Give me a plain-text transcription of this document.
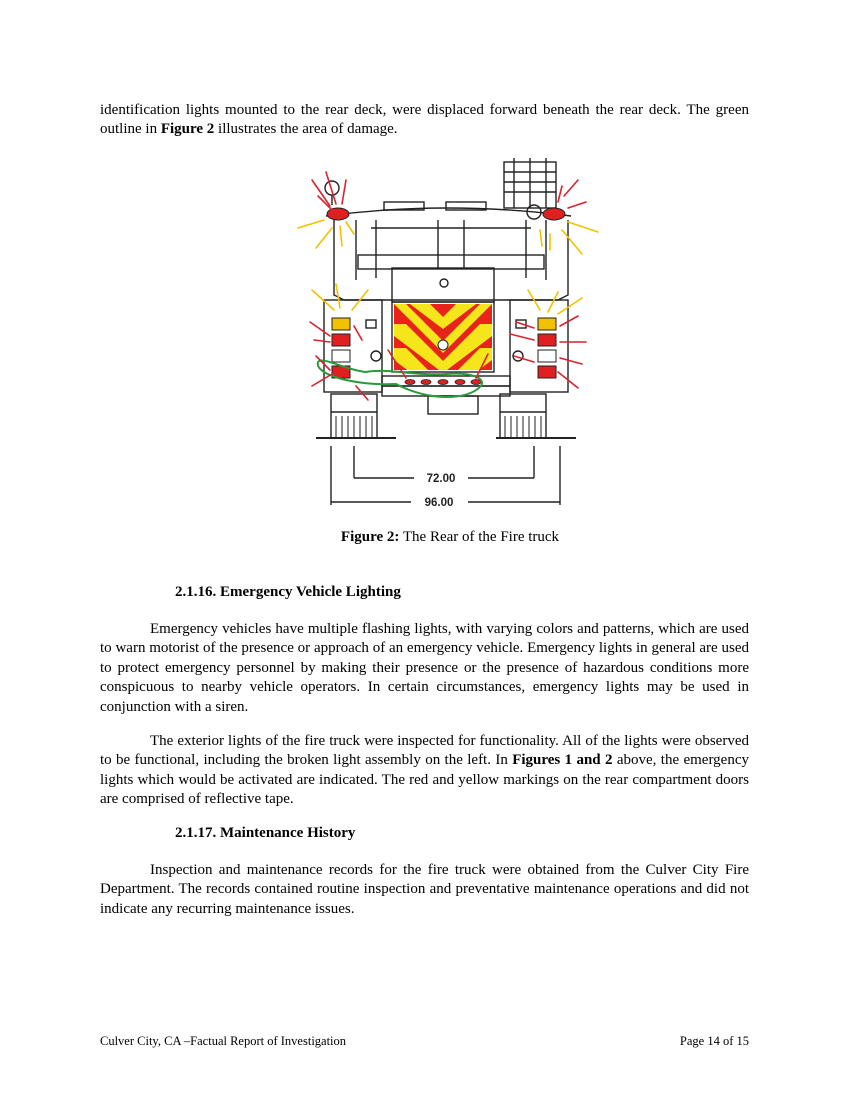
identification lights mounted to the rear deck, were displaced forward beneath the rear deck. The green outline in Figure 2 illustrates the area of damage.

72.00
96.00

Figure 2: The Rear of the Fire truck

2.1.16. Emergency Vehicle Lighting

Emergency vehicles have multiple flashing lights, with varying colors and patterns, which are used to warn motorist of the presence or approach of an emergency vehicle. Emergency lights in general are used to protect emergency personnel by making their presence or the presence of hazardous conditions more conspicuous to nearby vehicle operators. In certain circumstances, emergency lights may be used in conjunction with a siren.

The exterior lights of the fire truck were inspected for functionality. All of the lights were observed to be functional, including the broken light assembly on the left. In Figures 1 and 2 above, the emergency lights which would be activated are indicated. The red and yellow markings on the rear compartment doors are comprised of reflective tape.

2.1.17. Maintenance History

Inspection and maintenance records for the fire truck were obtained from the Culver City Fire Department. The records contained routine inspection and preventative maintenance operations and did not indicate any recurring maintenance issues.

Culver City, CA –Factual Report of Investigation	Page 14 of 15
